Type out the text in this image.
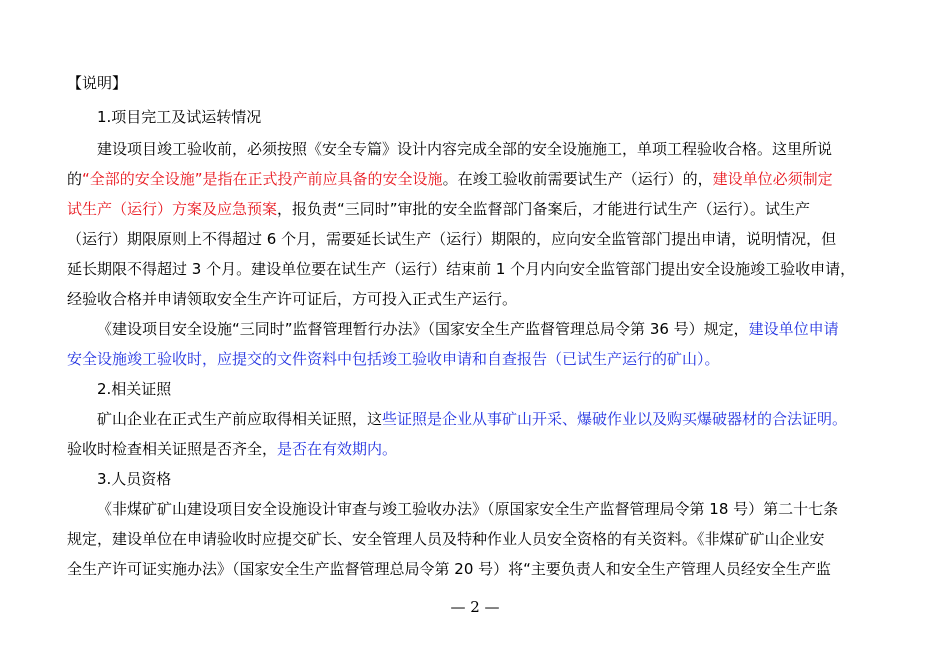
【说明】
1.项目完工及试运转情况
建设项目竣工验收前，必须按照《安全专篇》设计内容完成全部的安全设施施工，单项工程验收合格。这里所说
的“全部的安全设施”是指在正式投产前应具备的安全设施。在竣工验收前需要试生产（运行）的，建设单位必须制定
试生产（运行）方案及应急预案，报负责“三同时”审批的安全监督部门备案后，才能进行试生产（运行）。试生产
（运行）期限原则上不得超过 6 个月，需要延长试生产（运行）期限的，应向安全监管部门提出申请，说明情况，但
延长期限不得超过 3 个月。建设单位要在试生产（运行）结束前 1 个月内向安全监管部门提出安全设施竣工验收申请，
经验收合格并申请领取安全生产许可证后，方可投入正式生产运行。
《建设项目安全设施“三同时”监督管理暂行办法》（国家安全生产监督管理总局令第 36 号）规定，建设单位申请
安全设施竣工验收时，应提交的文件资料中包括竣工验收申请和自查报告（已试生产运行的矿山）。
2.相关证照
矿山企业在正式生产前应取得相关证照，这些证照是企业从事矿山开采、爆破作业以及购买爆破器材的合法证明。
验收时检查相关证照是否齐全，是否在有效期内。
3.人员资格
《非煤矿矿山建设项目安全设施设计审查与竣工验收办法》（原国家安全生产监督管理局令第 18 号）第二十七条
规定，建设单位在申请验收时应提交矿长、安全管理人员及特种作业人员安全资格的有关资料。《非煤矿矿山企业安
全生产许可证实施办法》（国家安全生产监督管理总局令第 20 号）将“主要负责人和安全生产管理人员经安全生产监
— 2 —
